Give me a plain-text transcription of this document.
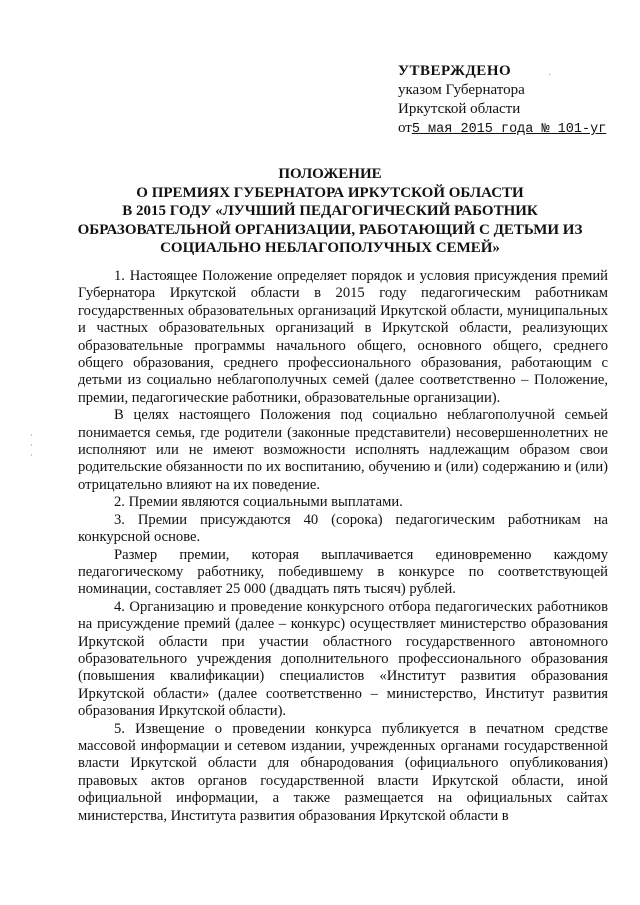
УТВЕРЖДЕНО
указом Губернатора
Иркутской области
от5 мая 2015 года № 101-уг
ПОЛОЖЕНИЕ
О ПРЕМИЯХ ГУБЕРНАТОРА ИРКУТСКОЙ ОБЛАСТИ
В 2015 ГОДУ «ЛУЧШИЙ ПЕДАГОГИЧЕСКИЙ РАБОТНИК
ОБРАЗОВАТЕЛЬНОЙ ОРГАНИЗАЦИИ, РАБОТАЮЩИЙ С ДЕТЬМИ ИЗ
СОЦИАЛЬНО НЕБЛАГОПОЛУЧНЫХ СЕМЕЙ»

1. Настоящее Положение определяет порядок и условия присуждения премий Губернатора Иркутской области в 2015 году педагогическим работникам государственных образовательных организаций Иркутской области, муниципальных и частных образовательных организаций в Иркутской области, реализующих образовательные программы начального общего, основного общего, среднего общего образования, среднего профессионального образования, работающим с детьми из социально неблагополучных семей (далее соответственно – Положение, премии, педагогические работники, образовательные организации).

В целях настоящего Положения под социально неблагополучной семьей понимается семья, где родители (законные представители) несовершеннолетних не исполняют или не имеют возможности исполнять надлежащим образом свои родительские обязанности по их воспитанию, обучению и (или) содержанию и (или) отрицательно влияют на их поведение.

2. Премии являются социальными выплатами.

3. Премии присуждаются 40 (сорока) педагогическим работникам на конкурсной основе.

Размер премии, которая выплачивается единовременно каждому педагогическому работнику, победившему в конкурсе по соответствующей номинации, составляет 25 000 (двадцать пять тысяч) рублей.

4. Организацию и проведение конкурсного отбора педагогических работников на присуждение премий (далее – конкурс) осуществляет министерство образования Иркутской области при участии областного государственного автономного образовательного учреждения дополнительного профессионального образования (повышения квалификации) специалистов «Институт развития образования Иркутской области» (далее соответственно – министерство, Институт развития образования Иркутской области).

5. Извещение о проведении конкурса публикуется в печатном средстве массовой информации и сетевом издании, учрежденных органами государственной власти Иркутской области для обнародования (официального опубликования) правовых актов органов государственной власти Иркутской области, иной официальной информации, а также размещается на официальных сайтах министерства, Института развития образования Иркутской области в

·
·
·
·
